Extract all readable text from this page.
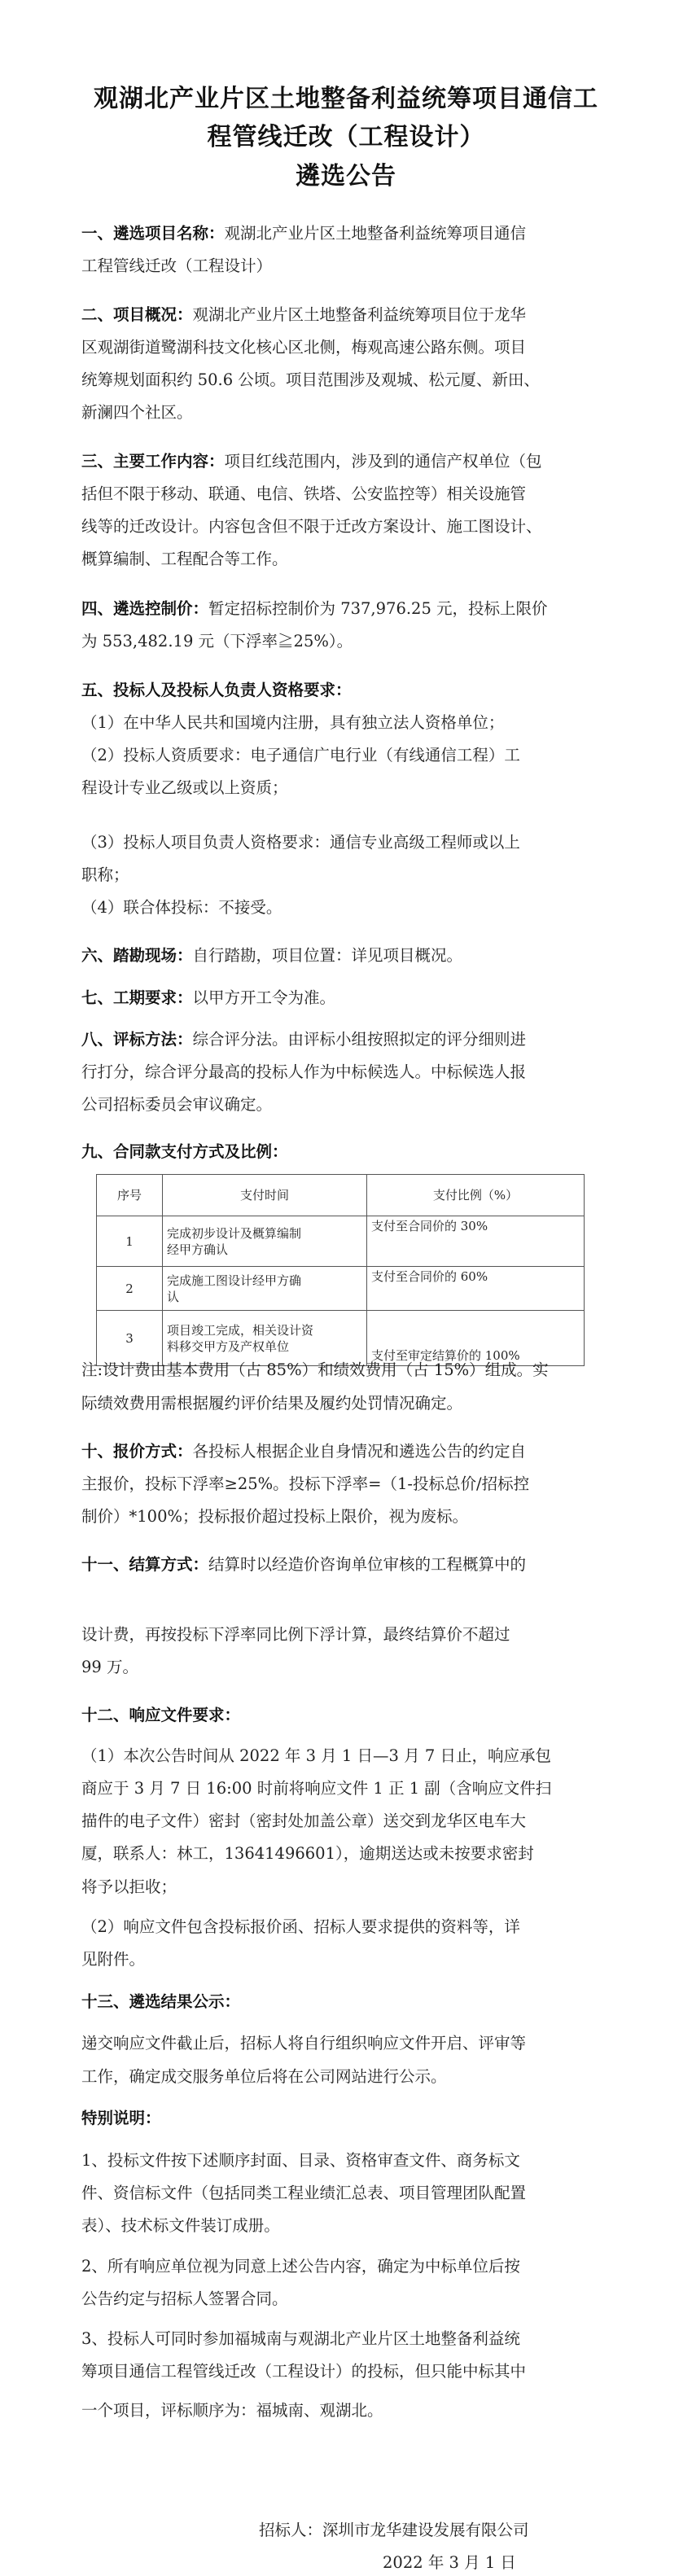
观湖北产业片区土地整备利益统筹项目通信工
程管线迁改（工程设计）
遴选公告
一、遴选项目名称：观湖北产业片区土地整备利益统筹项目通信
工程管线迁改（工程设计）
二、项目概况：观湖北产业片区土地整备利益统筹项目位于龙华
区观湖街道鹭湖科技文化核心区北侧，梅观高速公路东侧。项目
统筹规划面积约 50.6 公顷。项目范围涉及观城、松元厦、新田、
新澜四个社区。
三、主要工作内容：项目红线范围内，涉及到的通信产权单位（包
括但不限于移动、联通、电信、铁塔、公安监控等）相关设施管
线等的迁改设计。内容包含但不限于迁改方案设计、施工图设计、
概算编制、工程配合等工作。
四、遴选控制价：暂定招标控制价为 737,976.25 元，投标上限价
为 553,482.19 元（下浮率≧25%）。
五、投标人及投标人负责人资格要求：
（1）在中华人民共和国境内注册，具有独立法人资格单位；
（2）投标人资质要求：电子通信广电行业（有线通信工程）工
程设计专业乙级或以上资质；
（3）投标人项目负责人资格要求：通信专业高级工程师或以上
职称；
（4）联合体投标：不接受。
六、踏勘现场：自行踏勘，项目位置：详见项目概况。
七、工期要求：以甲方开工令为准。
八、评标方法：综合评分法。由评标小组按照拟定的评分细则进
行打分，综合评分最高的投标人作为中标候选人。中标候选人报
公司招标委员会审议确定。
九、合同款支付方式及比例：
序号	支付时间	支付比例（%）
1	完成初步设计及概算编制
经甲方确认	支付至合同价的 30%
2	完成施工图设计经甲方确
认	支付至合同价的 60%
3	项目竣工完成，相关设计资
料移交甲方及产权单位	支付至审定结算价的 100%
注:设计费由基本费用（占 85%）和绩效费用（占 15%）组成。实
际绩效费用需根据履约评价结果及履约处罚情况确定。
十、报价方式：各投标人根据企业自身情况和遴选公告的约定自
主报价，投标下浮率≥25%。投标下浮率=（1-投标总价/招标控
制价）*100%；投标报价超过投标上限价，视为废标。
十一、结算方式：结算时以经造价咨询单位审核的工程概算中的
设计费，再按投标下浮率同比例下浮计算，最终结算价不超过
99 万。
十二、响应文件要求：
（1）本次公告时间从 2022 年 3 月 1 日—3 月 7 日止，响应承包
商应于 3 月 7 日 16:00 时前将响应文件 1 正 1 副（含响应文件扫
描件的电子文件）密封（密封处加盖公章）送交到龙华区电车大
厦，联系人：林工，13641496601），逾期送达或未按要求密封
将予以拒收；
（2）响应文件包含投标报价函、招标人要求提供的资料等，详
见附件。
十三、遴选结果公示：
递交响应文件截止后，招标人将自行组织响应文件开启、评审等
工作，确定成交服务单位后将在公司网站进行公示。
特别说明：
1、投标文件按下述顺序封面、目录、资格审查文件、商务标文
件、资信标文件（包括同类工程业绩汇总表、项目管理团队配置
表）、技术标文件装订成册。
2、所有响应单位视为同意上述公告内容，确定为中标单位后按
公告约定与招标人签署合同。
3、投标人可同时参加福城南与观湖北产业片区土地整备利益统
筹项目通信工程管线迁改（工程设计）的投标，但只能中标其中
一个项目，评标顺序为：福城南、观湖北。
招标人：深圳市龙华建设发展有限公司
2022 年 3 月 1 日
